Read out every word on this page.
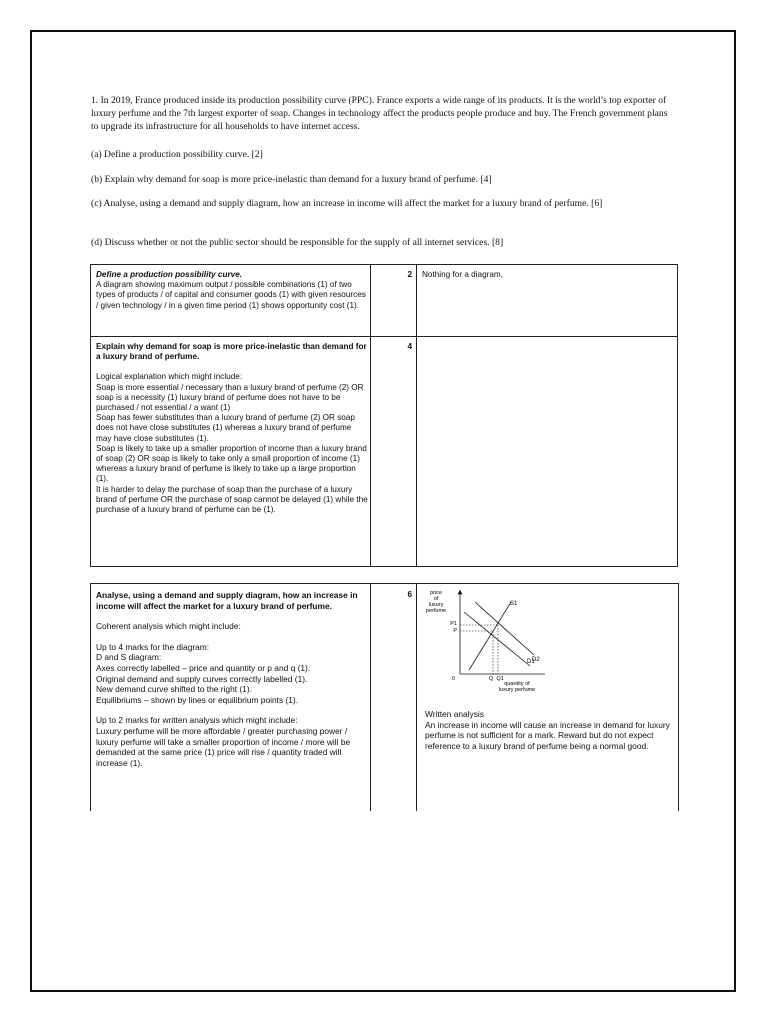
1. In 2019, France produced inside its production possibility curve (PPC). France exports a wide range of its products. It is the world’s top exporter of luxury perfume and the 7th largest exporter of soap. Changes in technology affect the products people produce and buy. The French government plans to upgrade its infrastructure for all households to have internet access.
(a) Define a production possibility curve. [2]
(b) Explain why demand for soap is more price-inelastic than demand for a luxury brand of perfume. [4]
(c) Analyse, using a demand and supply diagram, how an increase in income will affect the market for a luxury brand of perfume. [6]
(d) Discuss whether or not the public sector should be responsible for the supply of all internet services. [8]

Define a production possibility curve.

A diagram showing maximum output / possible combinations (1) of two types of products / of capital and consumer goods (1) with given resources / given technology / in a given time period (1) shows opportunity cost (1).

2 Nothing for a diagram,

Explain why demand for soap is more price-inelastic than demand for a luxury brand of perfume.

Logical explanation which might include:

Soap is more essential / necessary than a luxury brand of perfume (2) OR soap is a necessity (1) luxury brand of perfume does not have to be purchased / not essential / a want (1)

Soap has fewer substitutes than a luxury brand of perfume (2) OR soap does not have close substitutes (1) whereas a luxury brand of perfume may have close substitutes (1).

Soap is likely to take up a smaller proportion of income than a luxury brand of soap (2) OR soap is likely to take only a small proportion of income (1) whereas a luxury brand of perfume is likely to take up a large proportion (1).

It is harder to delay the purchase of soap than the purchase of a luxury brand of perfume OR the purchase of soap cannot be delayed (1) while the purchase of a luxury brand of perfume can be (1).

4

Analyse, using a demand and supply diagram, how an increase in income will affect the market for a luxury brand of perfume.

Coherent analysis which might include:

Up to 4 marks for the diagram:

D and S diagram:

Axes correctly labelled – price and quantity or p and q (1).

Original demand and supply curves correctly labelled (1).

New demand curve shifted to the right (1).

Equilibriums – shown by lines or equilibrium points (1).

Up to 2 marks for written analysis which might include:

Luxury perfume will be more affordable / greater purchasing power / luxury perfume will take a smaller proportion of income / more will be demanded at the same price (1) price will rise / quantity traded will increase (1).

6	price
of
luxury
perfume
0
P1
P
Q Q1
quantity of
luxury perfume
S1
D1
D2

Written analysis

An increase in income will cause an increase in demand for luxury perfume is not sufficient for a mark. Reward but do not expect reference to a luxury brand of perfume being a normal good.
